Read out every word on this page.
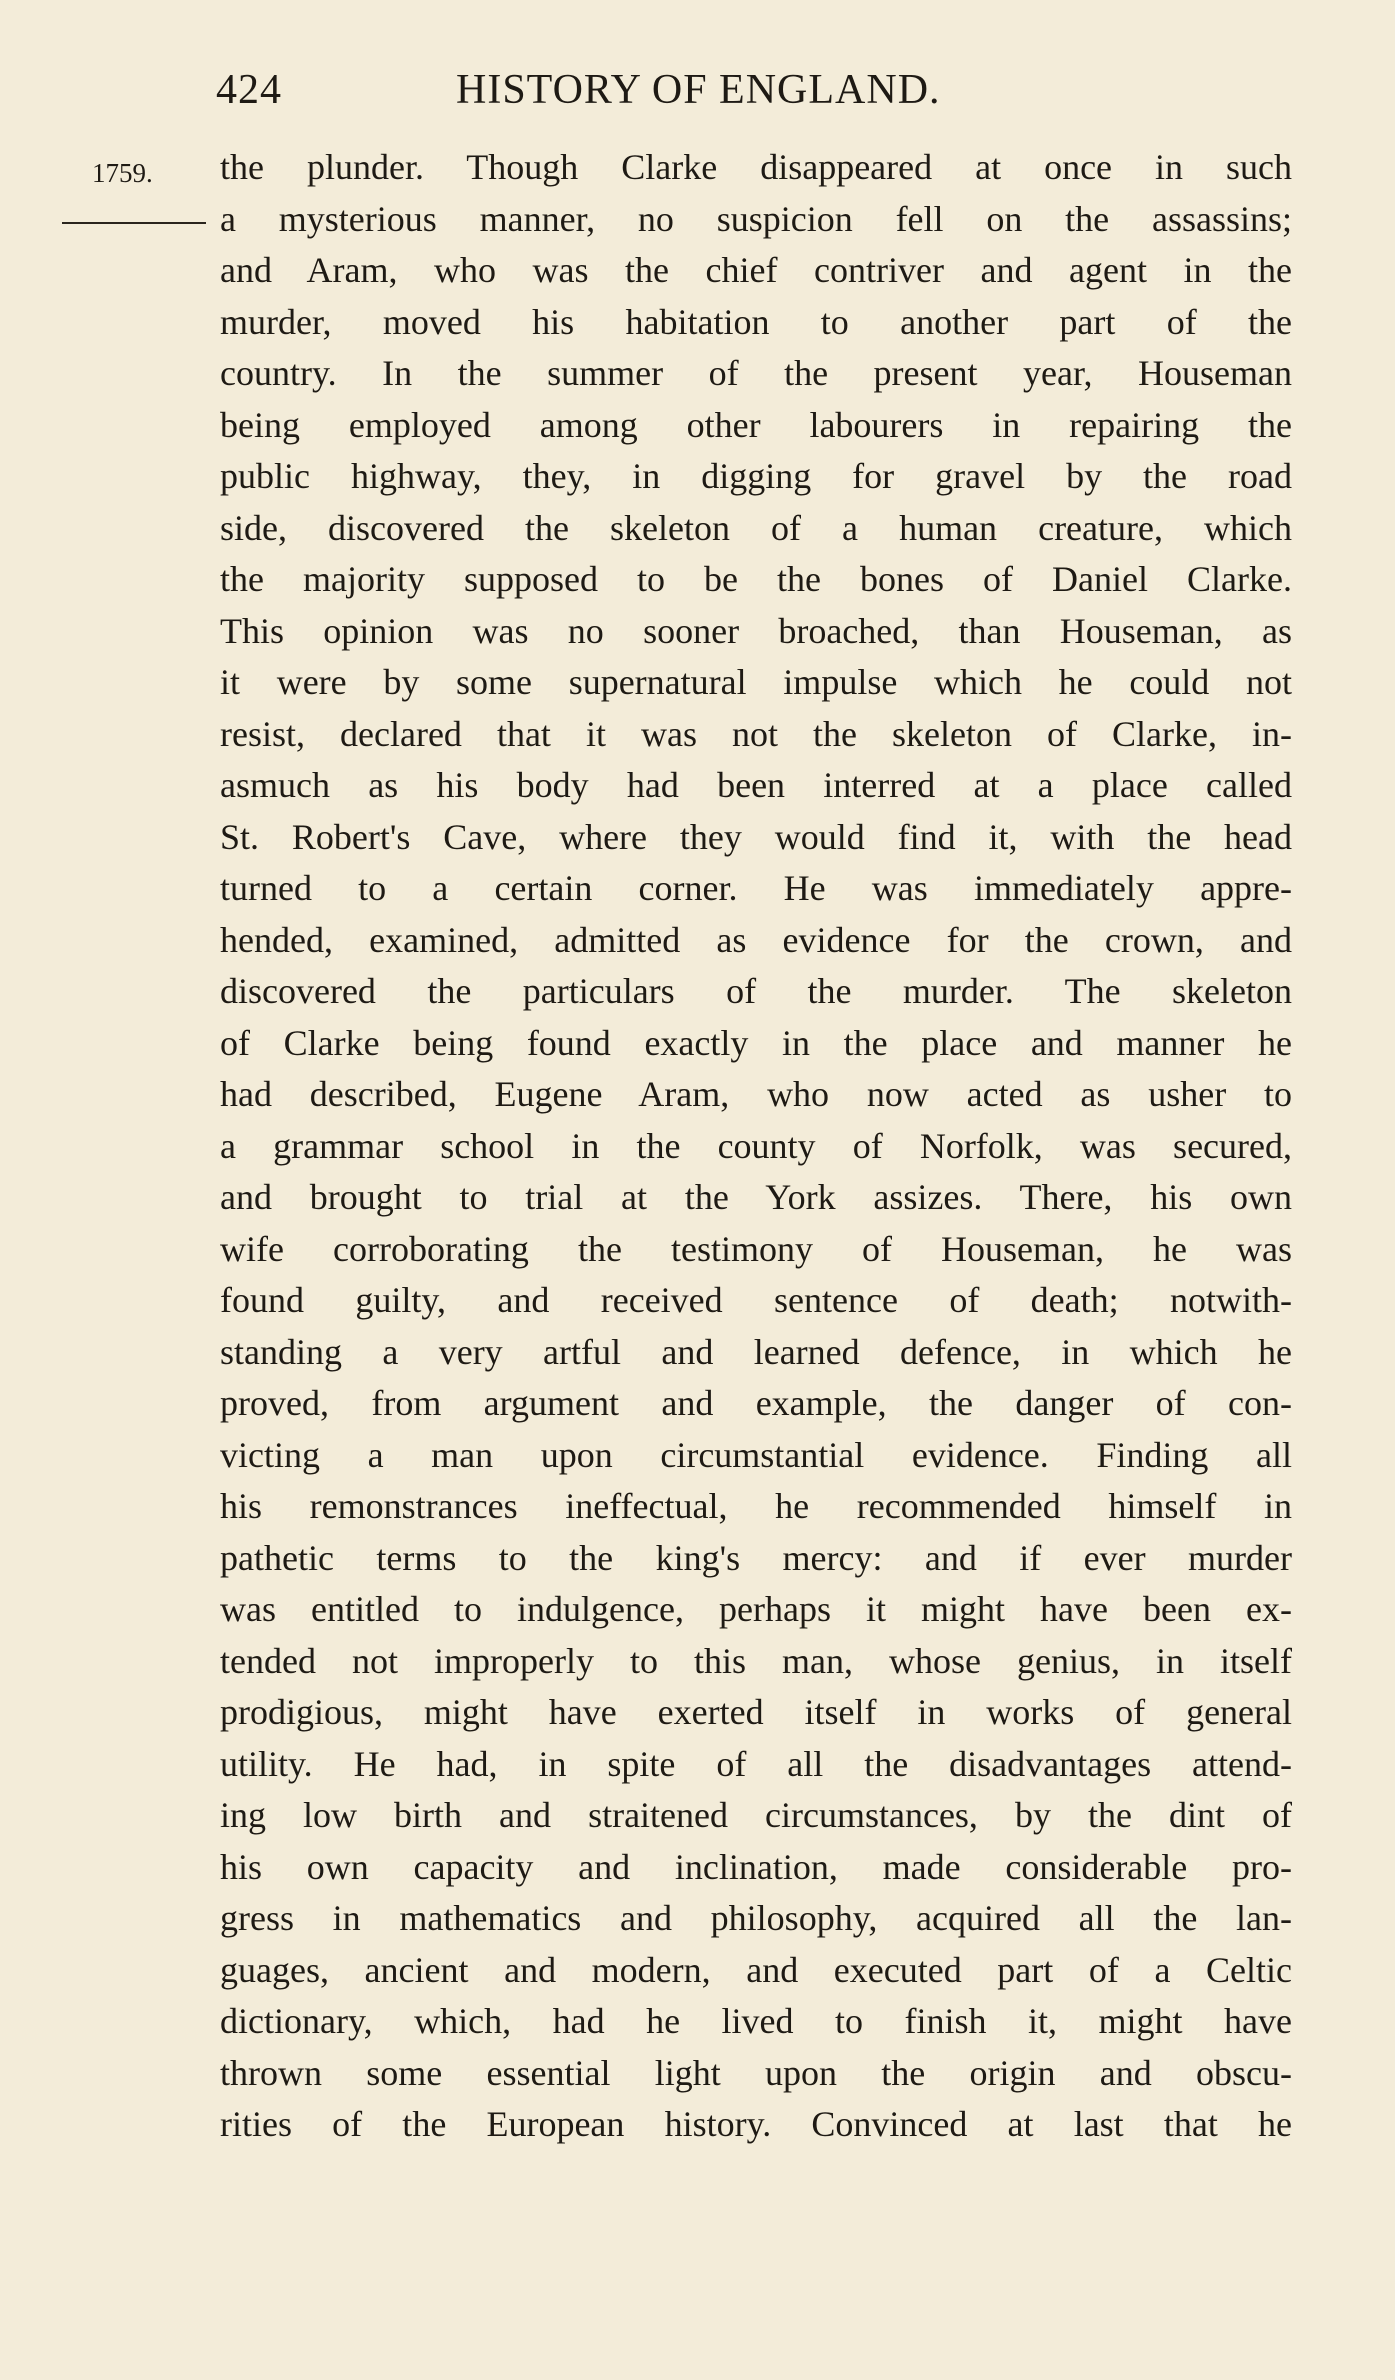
424	HISTORY OF ENGLAND.
1759. the plunder. Though Clarke disappeared at once in such
a mysterious manner, no suspicion fell on the assassins;
and Aram, who was the chief contriver and agent in the
murder, moved his habitation to another part of the
country. In the summer of the present year, Houseman
being employed among other labourers in repairing the
public highway, they, in digging for gravel by the road
side, discovered the skeleton of a human creature, which
the majority supposed to be the bones of Daniel Clarke.
This opinion was no sooner broached, than Houseman, as
it were by some supernatural impulse which he could not
resist, declared that it was not the skeleton of Clarke, in-
asmuch as his body had been interred at a place called
St. Robert's Cave, where they would find it, with the head
turned to a certain corner. He was immediately appre-
hended, examined, admitted as evidence for the crown, and
discovered the particulars of the murder. The skeleton
of Clarke being found exactly in the place and manner he
had described, Eugene Aram, who now acted as usher to
a grammar school in the county of Norfolk, was secured,
and brought to trial at the York assizes. There, his own
wife corroborating the testimony of Houseman, he was
found guilty, and received sentence of death; notwith-
standing a very artful and learned defence, in which he
proved, from argument and example, the danger of con-
victing a man upon circumstantial evidence. Finding all
his remonstrances ineffectual, he recommended himself in
pathetic terms to the king's mercy: and if ever murder
was entitled to indulgence, perhaps it might have been ex-
tended not improperly to this man, whose genius, in itself
prodigious, might have exerted itself in works of general
utility. He had, in spite of all the disadvantages attend-
ing low birth and straitened circumstances, by the dint of
his own capacity and inclination, made considerable pro-
gress in mathematics and philosophy, acquired all the lan-
guages, ancient and modern, and executed part of a Celtic
dictionary, which, had he lived to finish it, might have
thrown some essential light upon the origin and obscu-
rities of the European history. Convinced at last that he
